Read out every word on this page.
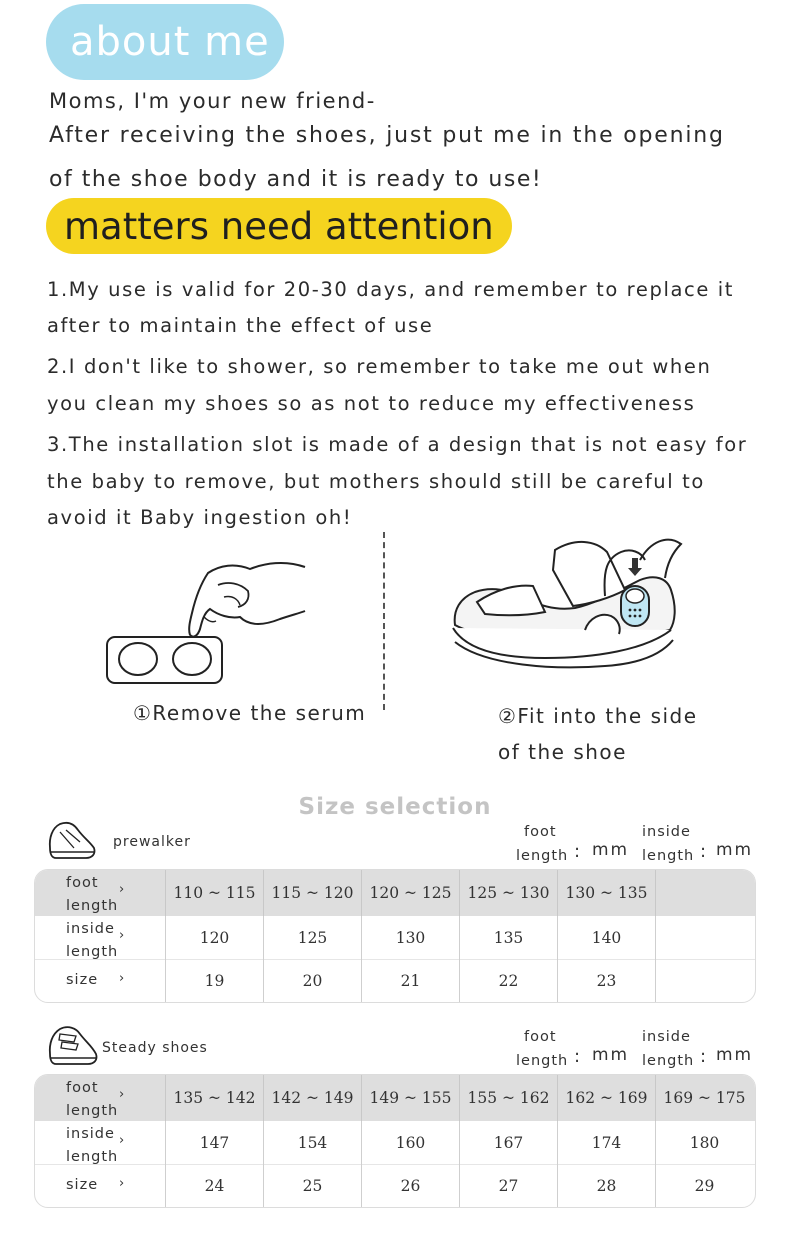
about me
Moms, I'm your new friend-
After receiving the shoes, just put me in the opening
of the shoe body and it is ready to use!
matters need attention
1.My use is valid for 20-30 days, and remember to replace it
after to maintain the effect of use
2.I don't like to shower, so remember to take me out when
you clean my shoes so as not to reduce my effectiveness
3.The installation slot is made of a design that is not easy for
the baby to remove, but mothers should still be careful to
avoid it Baby ingestion oh!
①Remove the serum	②Fit into the side
of the shoe
Size selection
prewalker
foot
length : mm
inside
length : mm
foot
length
›	110 ~ 115	115 ~ 120	120 ~ 125	125 ~ 130	130 ~ 135
inside
length
›	120	125	130	135	140
size ›	19	20	21	22	23
Steady shoes
foot
length : mm
inside
length : mm
foot
length
›	135 ~ 142	142 ~ 149	149 ~ 155	155 ~ 162	162 ~ 169	169 ~ 175
inside
length
›	147	154	160	167	174	180
size ›	24	25	26	27	28	29
